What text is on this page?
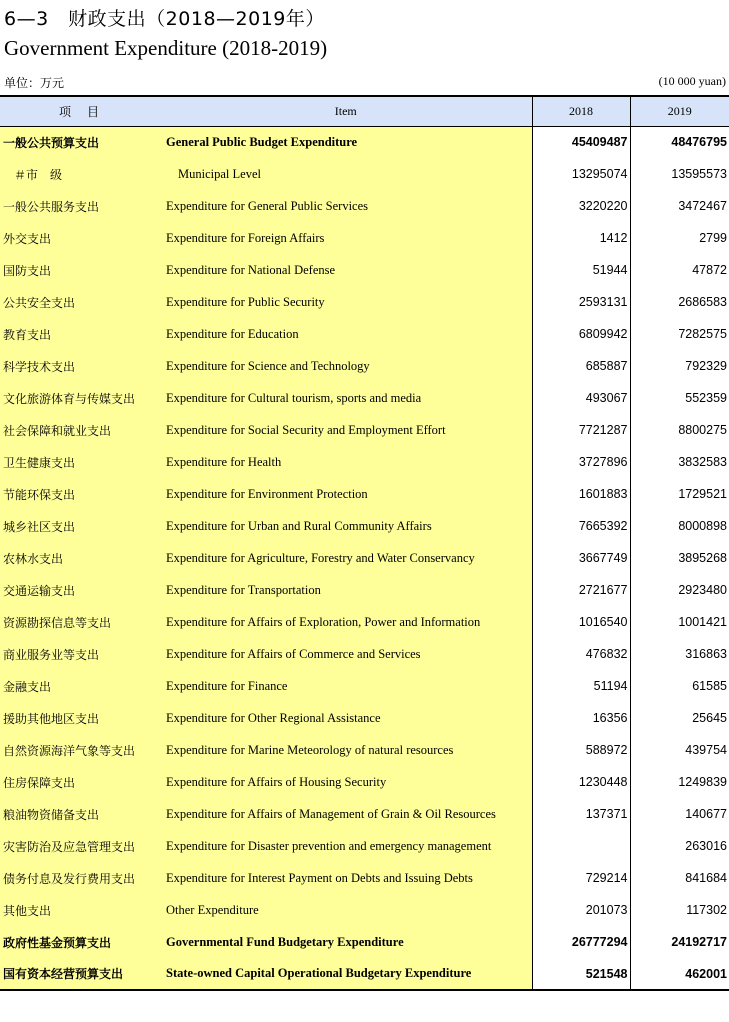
6—3　财政支出（2018—2019年）
Government Expenditure (2018-2019)
单位：万元	(10 000 yuan)
项　目	Item	2018	2019
一般公共预算支出	General Public Budget Expenditure	45409487	48476795
＃市　级	Municipal Level	13295074	13595573
一般公共服务支出	Expenditure for General Public Services	3220220	3472467
外交支出	Expenditure for Foreign Affairs	1412	2799
国防支出	Expenditure for National Defense	51944	47872
公共安全支出	Expenditure for Public Security	2593131	2686583
教育支出	Expenditure for Education	6809942	7282575
科学技术支出	Expenditure for Science and Technology	685887	792329
文化旅游体育与传媒支出	Expenditure for Cultural tourism, sports and media	493067	552359
社会保障和就业支出	Expenditure for Social Security and Employment Effort	7721287	8800275
卫生健康支出	Expenditure for Health	3727896	3832583
节能环保支出	Expenditure for Environment Protection	1601883	1729521
城乡社区支出	Expenditure for Urban and Rural Community Affairs	7665392	8000898
农林水支出	Expenditure for Agriculture, Forestry and Water Conservancy	3667749	3895268
交通运输支出	Expenditure for Transportation	2721677	2923480
资源勘探信息等支出	Expenditure for Affairs of Exploration, Power and Information	1016540	1001421
商业服务业等支出	Expenditure for Affairs of Commerce and Services	476832	316863
金融支出	Expenditure for Finance	51194	61585
援助其他地区支出	Expenditure for Other Regional Assistance	16356	25645
自然资源海洋气象等支出	Expenditure for Marine Meteorology of natural resources	588972	439754
住房保障支出	Expenditure for Affairs of Housing Security	1230448	1249839
粮油物资储备支出	Expenditure for Affairs of Management of Grain & Oil Resources	137371	140677
灾害防治及应急管理支出	Expenditure for Disaster prevention and emergency management		263016
债务付息及发行费用支出	Expenditure for Interest Payment on Debts and Issuing Debts	729214	841684
其他支出	Other Expenditure	201073	117302
政府性基金预算支出	Governmental Fund Budgetary Expenditure	26777294	24192717
国有资本经营预算支出	State-owned Capital Operational Budgetary Expenditure	521548	462001
